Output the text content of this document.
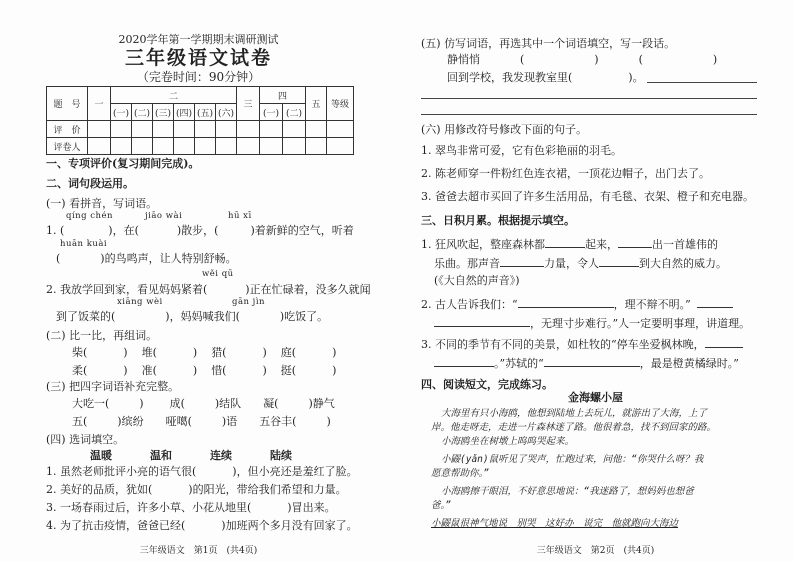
2020学年第一学期期末调研测试
三年级语文试卷
（完卷时间：90分钟）
题　号	一	二						三	四		五	等级
		(一)	(二)	(三)	(四)	(五)	(六)		(一)	(二)		
评　价												
评卷人												
一、专项评价(复习期间完成)。
二、词句段运用。
(一) 看拼音，写词语。
qíng chén	jiāo wài	hū xī
1. (	)，在(	)散步，(	)着新鲜的空气，听着
huān kuài
(	)的鸟鸣声，让人特别舒畅。
wěi qū
2. 我放学回到家，看见妈妈紧着(	)正在忙碌着，没多久就闻
xiāng wèi	gān jìn
到了饭菜的(	)，妈妈喊我们(	)吃饭了。
(二) 比一比，再组词。
柴(	) 堆(	) 猎(	) 庭(	)
柔(	) 准(	) 惜(	) 挺(	)
(三) 把四字词语补充完整。
大吃一(	) 成(	)结队 凝(	)静气
五(	)缤纷 哑噶(	)语 五谷丰(	)
(四) 选词填空。
温暖	温和	连续	陆续
1. 虽然老师批评小亮的语气很(	)，但小亮还是羞红了脸。
2. 美好的品质，犹如(	)的阳光，带给我们希望和力量。
3. 一场春雨过后，许多小草、小花从地里(	)冒出来。
4. 为了抗击疫情，爸爸已经(	)加班两个多月没有回家了。
三年级语文　第1页　(共4页)
(五) 仿写词语，再选其中一个词语填空，写一段话。
静悄悄	(	)	(	)
回到学校，我发现教室里(	)。
(六) 用修改符号修改下面的句子。
1. 翠鸟非常可爱，它有色彩艳丽的羽毛。
2. 陈老师穿一件粉红色连衣裙，一顶花边帽子，出门去了。
3. 爸爸去超市买回了许多生活用品，有毛毯、衣架、橙子和充电器。
三、日积月累。根据提示填空。
1. 狂风吹起，整座森林都	起来，	出一首雄伟的
乐曲。那声音	力量，令人	到大自然的威力。
(《大自然的声音》)
2. 古人告诉我们：“	，理不辩不明。”
，无理寸步难行。”人一定要明事理，讲道理。
3. 不同的季节有不同的美景，如杜牧的“停车坐爱枫林晚，
。”苏轼的“	，最是橙黄橘绿时。”
四、阅读短文，完成练习。
金海螺小屋
大海里有只小海鸥，他想到陆地上去玩儿，就游出了大海，上了
岸。他走呀走，走进一片森林迷了路。他很着急，找不到回家的路。
小海鸥坐在树墩上呜呜哭起来。
小鼹(yǎn)鼠听见了哭声，忙跑过来，问他：“你哭什么呀？我
愿意帮助你。”
小海鸥擦干眼泪，不好意思地说：“我迷路了，想妈妈也想爸
爸。”
小鼹鼠很神气地说　别哭　这好办　说完　他就跑向大海边
三年级语文　第2页　(共4页)
